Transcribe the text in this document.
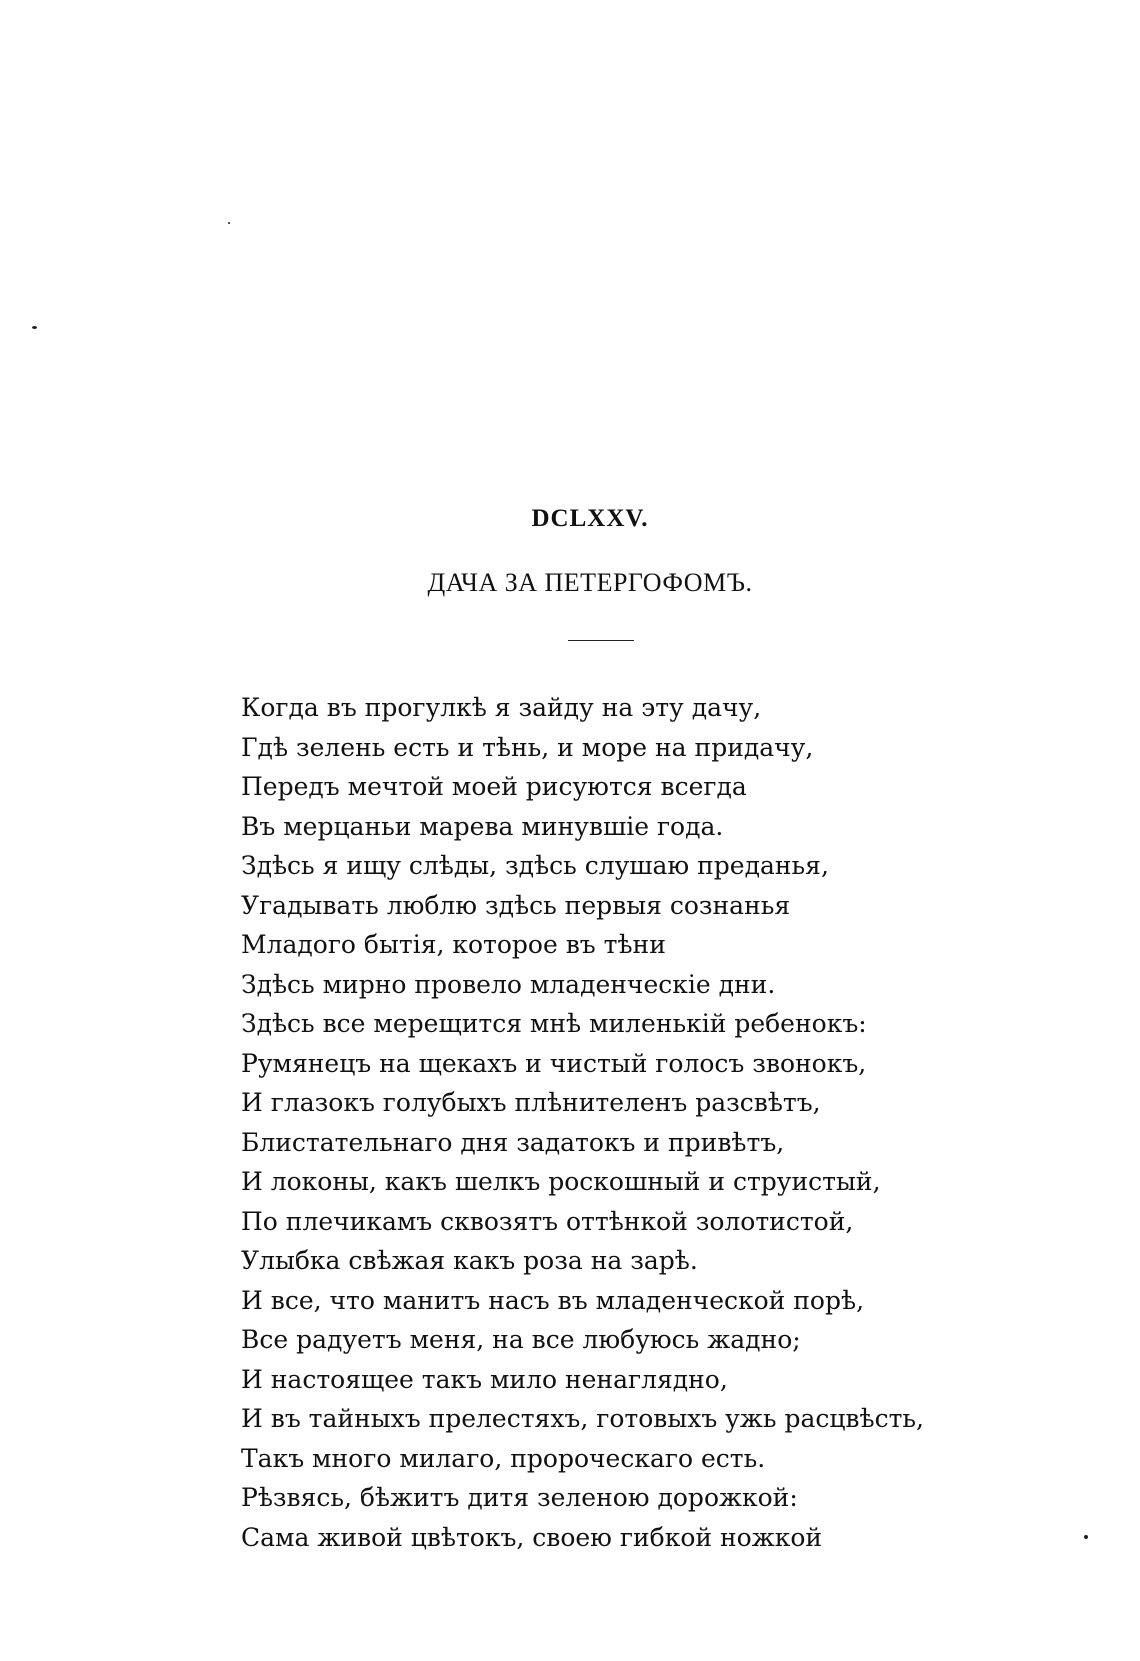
DCLXXV.
ДАЧА ЗА ПЕТЕРГОФОМЪ.
Когда въ прогулкѣ я зайду на эту дачу,
Гдѣ зелень есть и тѣнь, и море на придачу,
Передъ мечтой моей рисуются всегда
Въ мерцаньи марева минувшіе года.
Здѣсь я ищу слѣды, здѣсь слушаю преданья,
Угадывать люблю здѣсь первыя сознанья
Младого бытія, которое въ тѣни
Здѣсь мирно провело младенческіе дни.
Здѣсь все мерещится мнѣ миленькій ребенокъ:
Румянецъ на щекахъ и чистый голосъ звонокъ,
И глазокъ голубыхъ плѣнителенъ разсвѣтъ,
Блистательнаго дня задатокъ и привѣтъ,
И локоны, какъ шелкъ роскошный и струистый,
По плечикамъ сквозятъ оттѣнкой золотистой,
Улыбка свѣжая какъ роза на зарѣ.
И все, что манитъ насъ въ младенческой порѣ,
Все радуетъ меня, на все любуюсь жадно;
И настоящее такъ мило ненаглядно,
И въ тайныхъ прелестяхъ, готовыхъ ужь расцвѣсть,
Такъ много милаго, пророческаго есть.
Рѣзвясь, бѣжитъ дитя зеленою дорожкой:
Сама живой цвѣтокъ, своею гибкой ножкой
